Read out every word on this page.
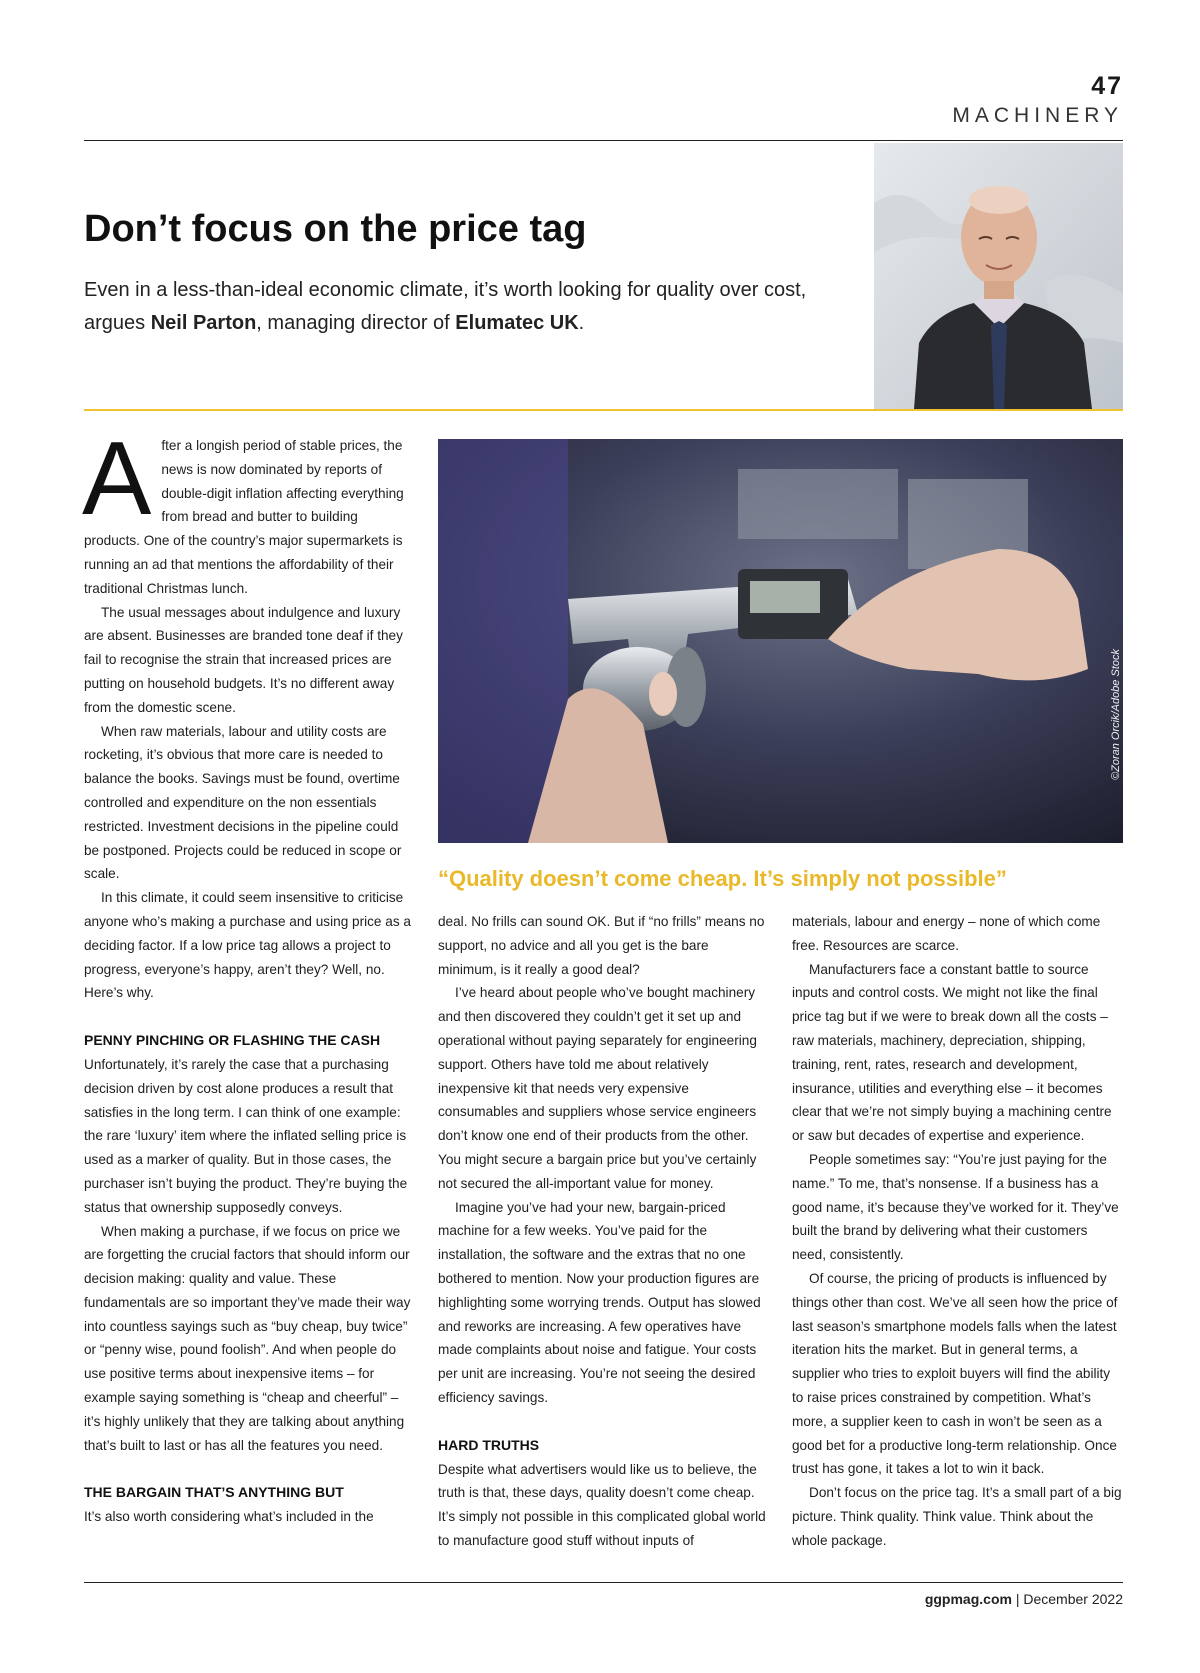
47
MACHINERY
Don’t focus on the price tag

Even in a less-than-ideal economic climate, it’s worth looking for quality over cost, argues Neil Parton, managing director of Elumatec UK.

©Zoran Orcik/Adobe Stock

“Quality doesn’t come cheap. It’s simply not possible”

After a longish period of stable prices, the news is now dominated by reports of double-digit inflation affecting everything from bread and butter to building products. One of the country’s major supermarkets is running an ad that mentions the affordability of their traditional Christmas lunch.

The usual messages about indulgence and luxury are absent. Businesses are branded tone deaf if they fail to recognise the strain that increased prices are putting on household budgets. It’s no different away from the domestic scene.

When raw materials, labour and utility costs are rocketing, it’s obvious that more care is needed to balance the books. Savings must be found, overtime controlled and expenditure on the non essentials restricted. Investment decisions in the pipeline could be postponed. Projects could be reduced in scope or scale.

In this climate, it could seem insensitive to criticise anyone who’s making a purchase and using price as a deciding factor. If a low price tag allows a project to progress, everyone’s happy, aren’t they? Well, no. Here’s why.

PENNY PINCHING OR FLASHING THE CASH

Unfortunately, it’s rarely the case that a purchasing decision driven by cost alone produces a result that satisfies in the long term. I can think of one example: the rare ‘luxury’ item where the inflated selling price is used as a marker of quality. But in those cases, the purchaser isn’t buying the product. They’re buying the status that ownership supposedly conveys.

When making a purchase, if we focus on price we are forgetting the crucial factors that should inform our decision making: quality and value. These fundamentals are so important they’ve made their way into countless sayings such as “buy cheap, buy twice” or “penny wise, pound foolish”. And when people do use positive terms about inexpensive items – for example saying something is “cheap and cheerful” – it’s highly unlikely that they are talking about anything that’s built to last or has all the features you need.

THE BARGAIN THAT’S ANYTHING BUT

It’s also worth considering what’s included in the

deal. No frills can sound OK. But if “no frills” means no support, no advice and all you get is the bare minimum, is it really a good deal?

I’ve heard about people who’ve bought machinery and then discovered they couldn’t get it set up and operational without paying separately for engineering support. Others have told me about relatively inexpensive kit that needs very expensive consumables and suppliers whose service engineers don’t know one end of their products from the other. You might secure a bargain price but you’ve certainly not secured the all-important value for money.

Imagine you’ve had your new, bargain-priced machine for a few weeks. You’ve paid for the installation, the software and the extras that no one bothered to mention. Now your production figures are highlighting some worrying trends. Output has slowed and reworks are increasing. A few operatives have made complaints about noise and fatigue. Your costs per unit are increasing. You’re not seeing the desired efficiency savings.

HARD TRUTHS

Despite what advertisers would like us to believe, the truth is that, these days, quality doesn’t come cheap. It’s simply not possible in this complicated global world to manufacture good stuff without inputs of

materials, labour and energy – none of which come free. Resources are scarce.

Manufacturers face a constant battle to source inputs and control costs. We might not like the final price tag but if we were to break down all the costs – raw materials, machinery, depreciation, shipping, training, rent, rates, research and development, insurance, utilities and everything else – it becomes clear that we’re not simply buying a machining centre or saw but decades of expertise and experience.

People sometimes say: “You’re just paying for the name.” To me, that’s nonsense. If a business has a good name, it’s because they’ve worked for it. They’ve built the brand by delivering what their customers need, consistently.

Of course, the pricing of products is influenced by things other than cost. We’ve all seen how the price of last season’s smartphone models falls when the latest iteration hits the market. But in general terms, a supplier who tries to exploit buyers will find the ability to raise prices constrained by competition. What’s more, a supplier keen to cash in won’t be seen as a good bet for a productive long-term relationship. Once trust has gone, it takes a lot to win it back.

Don’t focus on the price tag. It’s a small part of a big picture. Think quality. Think value. Think about the whole package.

ggpmag.com | December 2022
